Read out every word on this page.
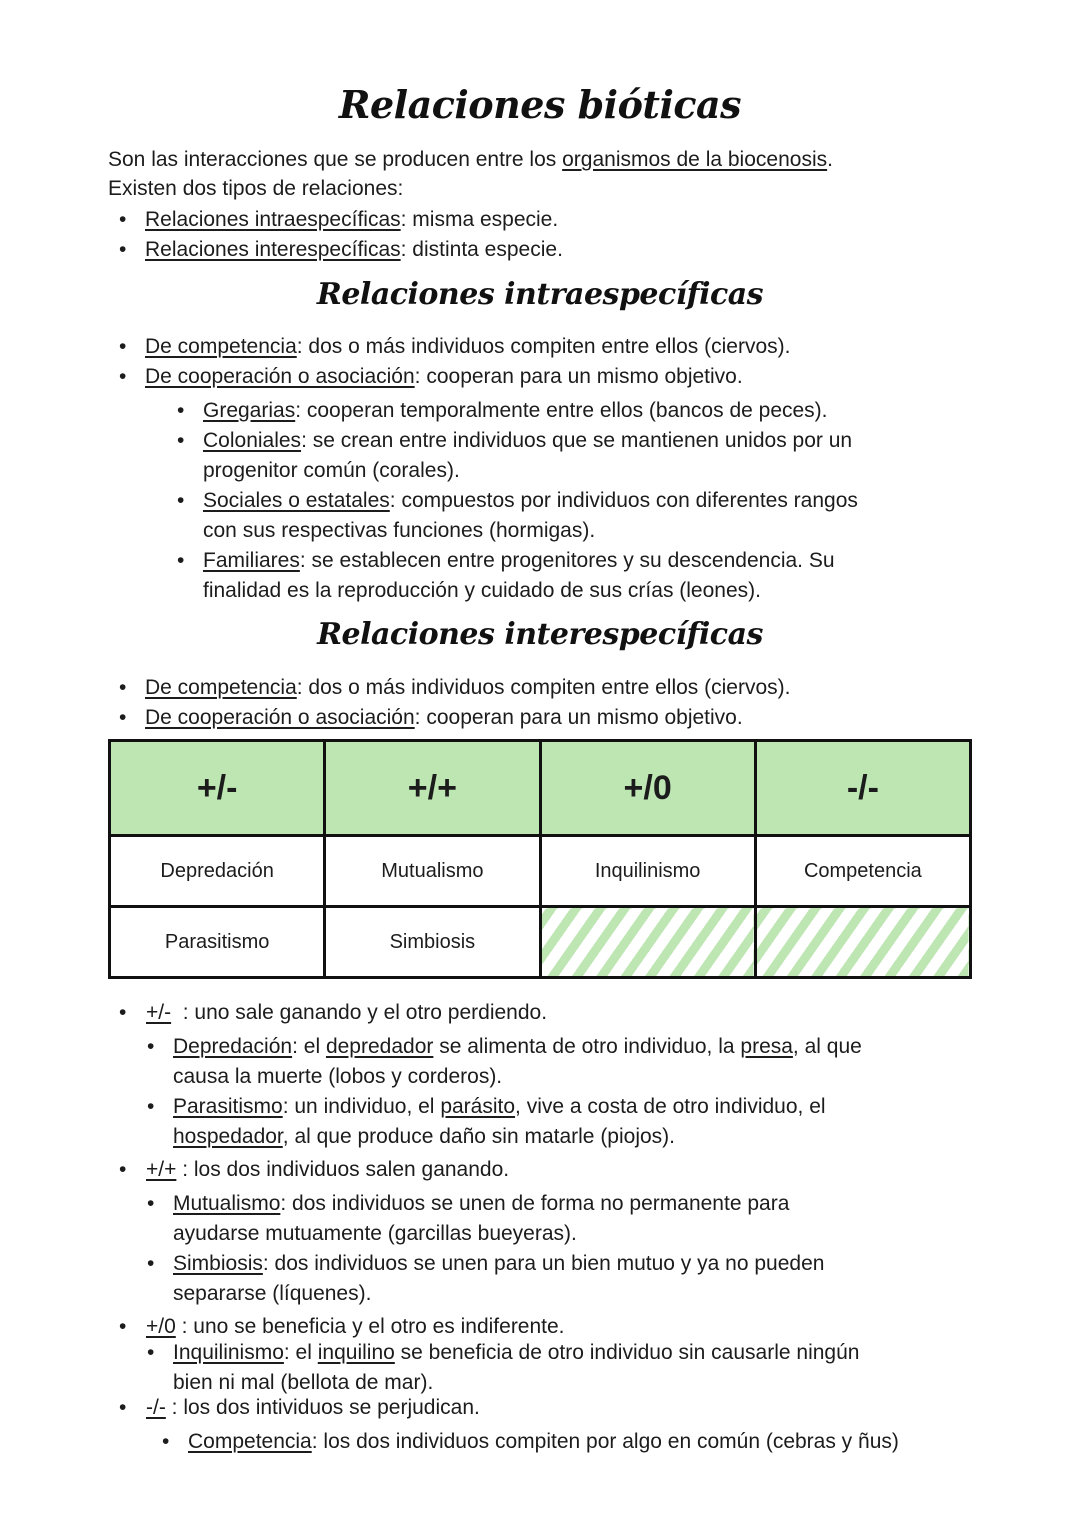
Relaciones bióticas
Relaciones intraespecíficas
Relaciones interespecíficas
Son las interacciones que se producen entre los organismos de la biocenosis.
Existen dos tipos de relaciones:
• Relaciones intraespecíficas: misma especie.
• Relaciones interespecíficas: distinta especie.
• De competencia: dos o más individuos compiten entre ellos (ciervos).
• De cooperación o asociación: cooperan para un mismo objetivo.
• Gregarias: cooperan temporalmente entre ellos (bancos de peces).
• Coloniales: se crean entre individuos que se mantienen unidos por un
progenitor común (corales).
• Sociales o estatales: compuestos por individuos con diferentes rangos
con sus respectivas funciones (hormigas).
• Familiares: se establecen entre progenitores y su descendencia. Su
finalidad es la reproducción y cuidado de sus crías (leones).
• De competencia: dos o más individuos compiten entre ellos (ciervos).
• De cooperación o asociación: cooperan para un mismo objetivo.
• +/-  : uno sale ganando y el otro perdiendo.
• Depredación: el depredador se alimenta de otro individuo, la presa, al que
causa la muerte (lobos y corderos).
• Parasitismo: un individuo, el parásito, vive a costa de otro individuo, el
hospedador, al que produce daño sin matarle (piojos).
• +/+ : los dos individuos salen ganando.
• Mutualismo: dos individuos se unen de forma no permanente para
ayudarse mutuamente (garcillas bueyeras).
• Simbiosis: dos individuos se unen para un bien mutuo y ya no pueden
separarse (líquenes).
• +/0 : uno se beneficia y el otro es indiferente.
• Inquilinismo: el inquilino se beneficia de otro individuo sin causarle ningún
bien ni mal (bellota de mar).
• -/- : los dos intividuos se perjudican.
• Competencia: los dos individuos compiten por algo en común (cebras y ñus)
+/-	+/+	+/0	-/-
Depredación	Mutualismo	Inquilinismo	Competencia
Parasitismo	Simbiosis		
